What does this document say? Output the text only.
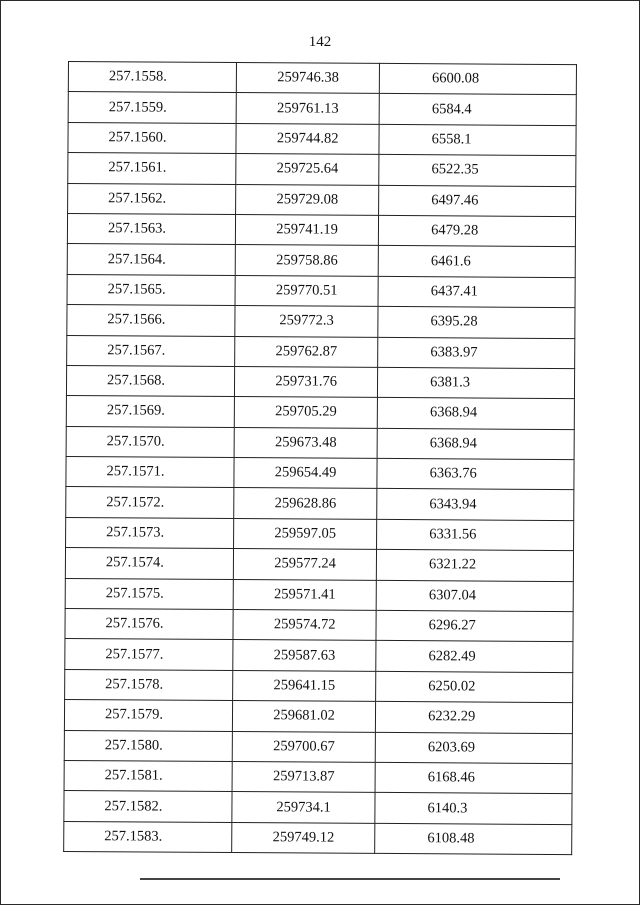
142
257.1558.	259746.38	6600.08
257.1559.	259761.13	6584.4
257.1560.	259744.82	6558.1
257.1561.	259725.64	6522.35
257.1562.	259729.08	6497.46
257.1563.	259741.19	6479.28
257.1564.	259758.86	6461.6
257.1565.	259770.51	6437.41
257.1566.	259772.3	6395.28
257.1567.	259762.87	6383.97
257.1568.	259731.76	6381.3
257.1569.	259705.29	6368.94
257.1570.	259673.48	6368.94
257.1571.	259654.49	6363.76
257.1572.	259628.86	6343.94
257.1573.	259597.05	6331.56
257.1574.	259577.24	6321.22
257.1575.	259571.41	6307.04
257.1576.	259574.72	6296.27
257.1577.	259587.63	6282.49
257.1578.	259641.15	6250.02
257.1579.	259681.02	6232.29
257.1580.	259700.67	6203.69
257.1581.	259713.87	6168.46
257.1582.	259734.1	6140.3
257.1583.	259749.12	6108.48
